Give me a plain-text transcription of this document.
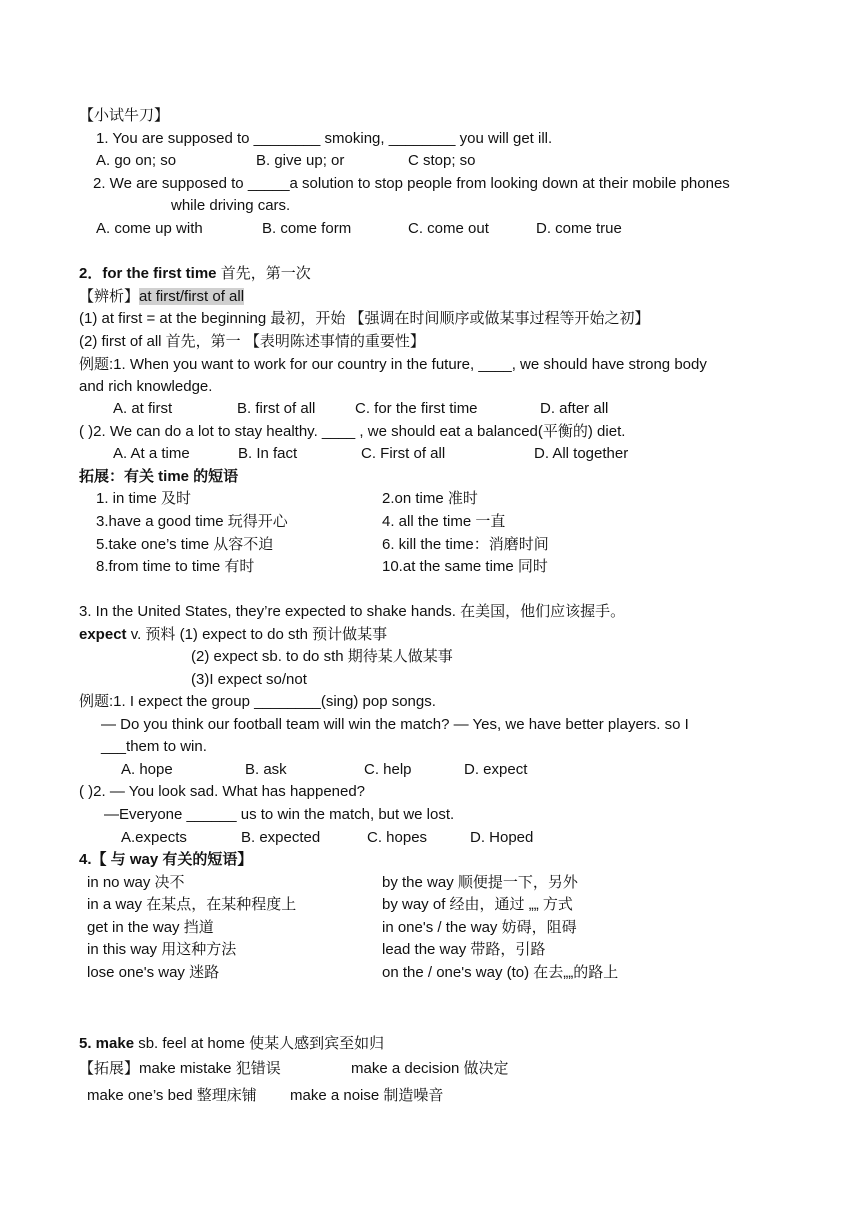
【小试牛刀】
1. You are supposed to ________ smoking, ________ you will get ill.
A. go on; so	B. give up; or	C stop; so
2. We are supposed to _____a solution to stop people from looking down at their mobile phones
while driving cars.
A. come up with	B. come form	C. come out	D. come true
2．for the first time 首先，第一次
【辨析】at first/first of all
(1) at first = at the beginning 最初，开始 【强调在时间顺序或做某事过程等开始之初】
(2) first of all 首先，第一 【表明陈述事情的重要性】
例题:1. When you want to work for our country in the future, ____, we should have strong body
and rich knowledge.
A. at first	B. first of all	C. for the first time	D. after all
( )2. We can do a lot to stay healthy. ____ , we should eat a balanced(平衡的) diet.
A. At a time	B. In fact	C. First of all	D. All together
拓展：有关 time 的短语
1. in time 及时	2.on time 准时
3.have a good time 玩得开心	4. all the time 一直
5.take one’s time 从容不迫	6. kill the time：消磨时间
8.from time to time 有时	10.at the same time 同时
3. In the United States, they’re expected to shake hands. 在美国，他们应该握手。
expect v. 预料 (1) expect to do sth 预计做某事
(2) expect sb. to do sth 期待某人做某事
(3)I expect so/not
例题:1. I expect the group ________(sing) pop songs.
— Do you think our football team will win the match? — Yes, we have better players. so I
___them to win.
A. hope	B. ask	C. help	D. expect
( )2. — You look sad. What has happened?
—Everyone ______ us to win the match, but we lost.
A.expects	B. expected	C. hopes	D. Hoped
4.【 与 way 有关的短语】
in no way 决不	by the way 顺便提一下，另外
in a way 在某点，在某种程度上	by way of 经由，通过 „„ 方式
get in the way 挡道	in one's / the way 妨碍，阻碍
in this way 用这种方法	lead the way 带路，引路
lose one's way 迷路	on the / one's way (to) 在去„„的路上
5. make sb. feel at home 使某人感到宾至如归
【拓展】make mistake 犯错误	make a decision 做决定
make one’s bed 整理床铺 make a noise 制造噪音
